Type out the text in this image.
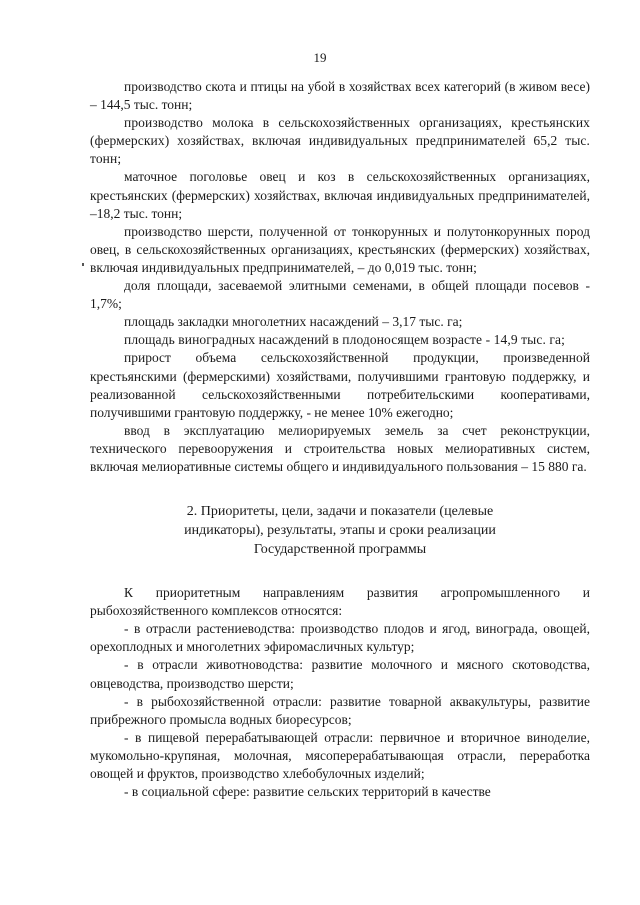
19

производство скота и птицы на убой в хозяйствах всех категорий (в живом весе) – 144,5 тыс. тонн;

производство молока в сельскохозяйственных организациях, крестьянских (фермерских) хозяйствах, включая индивидуальных предпринимателей 65,2 тыс. тонн;

маточное поголовье овец и коз в сельскохозяйственных организациях, крестьянских (фермерских) хозяйствах, включая индивидуальных предпринимателей, –18,2 тыс. тонн;

производство шерсти, полученной от тонкорунных и полутонкорунных пород овец, в сельскохозяйственных организациях, крестьянских (фермерских) хозяйствах, включая индивидуальных предпринимателей, – до 0,019 тыс. тонн;

доля площади, засеваемой элитными семенами, в общей площади посевов - 1,7%;

площадь закладки многолетних насаждений – 3,17 тыс. га;

площадь виноградных насаждений в плодоносящем возрасте - 14,9 тыс. га;

прирост объема сельскохозяйственной продукции, произведенной крестьянскими (фермерскими) хозяйствами, получившими грантовую поддержку, и реализованной сельскохозяйственными потребительскими кооперативами, получившими грантовую поддержку, - не менее 10% ежегодно;

ввод в эксплуатацию мелиорируемых земель за счет реконструкции, технического перевооружения и строительства новых мелиоративных систем, включая мелиоративные системы общего и индивидуального пользования – 15 880 га.

2. Приоритеты, цели, задачи и показатели (целевые
индикаторы), результаты, этапы и сроки реализации
Государственной программы

К приоритетным направлениям развития агропромышленного и рыбохозяйственного комплексов относятся:

- в отрасли растениеводства: производство плодов и ягод, винограда, овощей, орехоплодных и многолетних эфиромасличных культур;

- в отрасли животноводства: развитие молочного и мясного скотоводства, овцеводства, производство шерсти;

- в рыбохозяйственной отрасли: развитие товарной аквакультуры, развитие прибрежного промысла водных биоресурсов;

- в пищевой перерабатывающей отрасли: первичное и вторичное виноделие, мукомольно-крупяная, молочная, мясоперерабатывающая отрасли, переработка овощей и фруктов, производство хлебобулочных изделий;

- в социальной сфере: развитие сельских территорий в качестве
